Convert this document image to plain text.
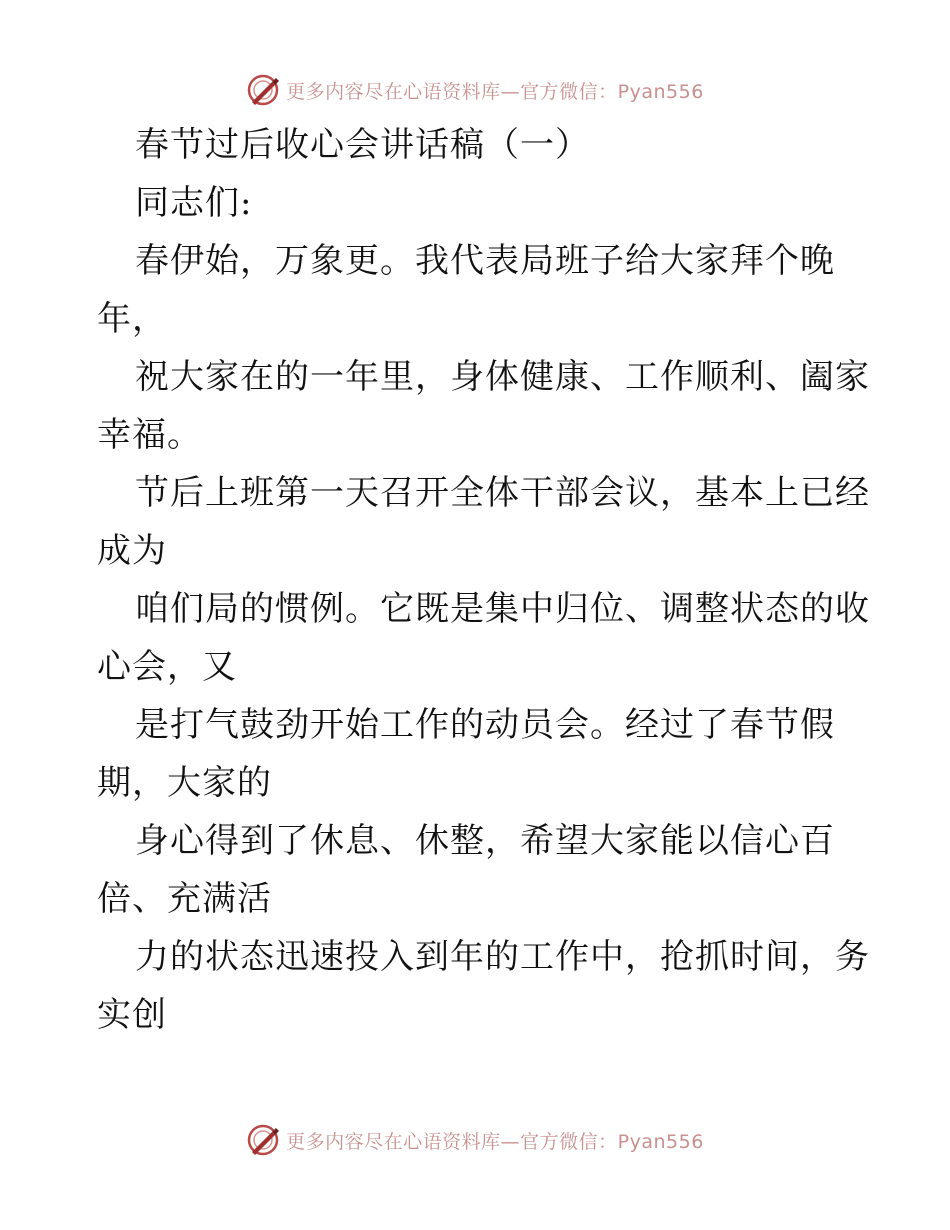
更多内容尽在心语资料库—官方微信：Pyan556
春节过后收心会讲话稿（一）
同志们:
春伊始，万象更。我代表局班子给大家拜个晚
年，
祝大家在的一年里，身体健康、工作顺利、阖家
幸福。
节后上班第一天召开全体干部会议，基本上已经
成为
咱们局的惯例。它既是集中归位、调整状态的收
心会，又
是打气鼓劲开始工作的动员会。经过了春节假
期，大家的
身心得到了休息、休整，希望大家能以信心百
倍、充满活
力的状态迅速投入到年的工作中，抢抓时间，务
实创
更多内容尽在心语资料库—官方微信：Pyan556
